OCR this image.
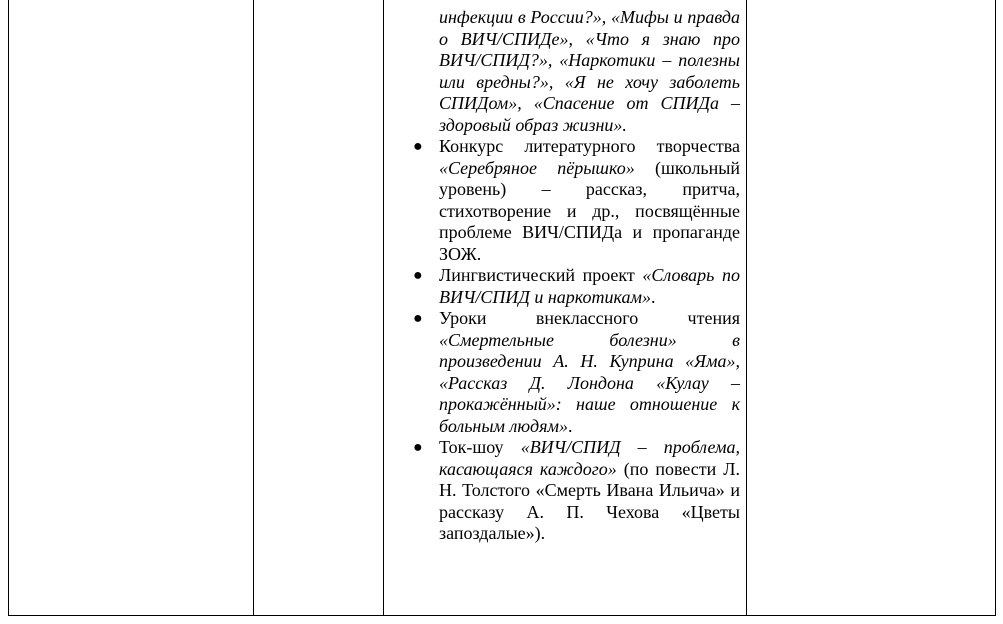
инфекции в России?», «Мифы и правда о ВИЧ/СПИДе», «Что я знаю про ВИЧ/СПИД?», «Наркотики – полезны или вредны?», «Я не хочу заболеть СПИДом», «Спасение от СПИДа – здоровый образ жизни».
● Конкурс литературного творчества «Серебряное пёрышко» (школьный уровень) – рассказ, притча, стихотворение и др., посвящённые проблеме ВИЧ/СПИДа и пропаганде ЗОЖ.
● Лингвистический проект «Словарь по ВИЧ/СПИД и наркотикам».
● Уроки внеклассного чтения «Смертельные болезни» в произведении А. Н. Куприна «Яма», «Рассказ Д. Лондона «Кулау – прокажённый»: наше отношение к больным людям».
● Ток-шоу «ВИЧ/СПИД – проблема, касающаяся каждого» (по повести Л. Н. Толстого «Смерть Ивана Ильича» и рассказу А. П. Чехова «Цветы запоздалые»).
